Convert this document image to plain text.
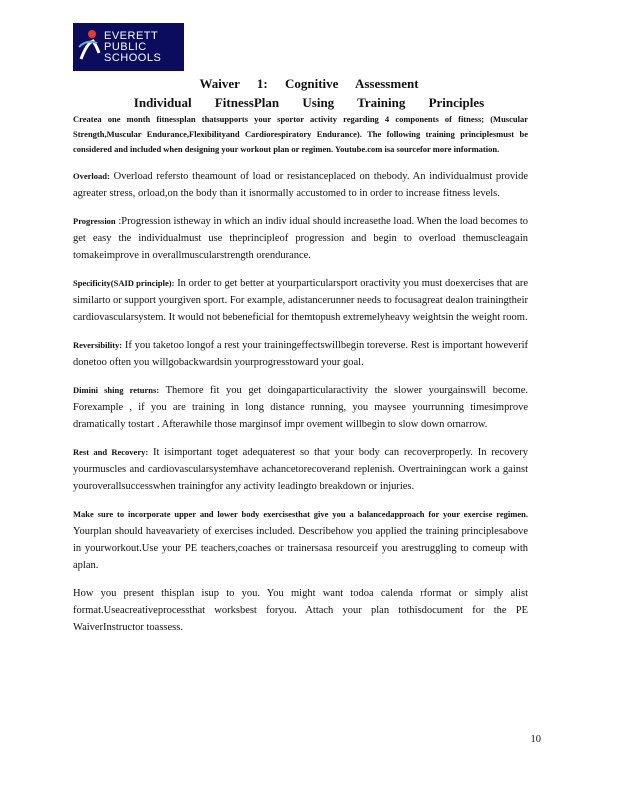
EVERETT
PUBLIC
SCHOOLS
Waiver 1: Cognitive Assessment
Individual FitnessPlan Using Training Principles
Createa one month fitnessplan thatsupports your sportor activity regarding 4 components of fitness; (Muscular Strength,Muscular Endurance,Flexibilityand Cardiorespiratory Endurance). The following training principlesmust be considered and included when designing your workout plan or regimen. Youtube.com isa sourcefor more information.

Overload: Overload refersto theamount of load or resistanceplaced on thebody. An individualmust provide agreater stress, orload,on the body than it isnormally accustomed to in order to increase fitness levels.

Progression :Progression istheway in which an indiv idual should increasethe load. When the load becomes to get easy the individualmust use theprincipleof progression and begin to overload themuscleagain tomakeimprove in overallmuscularstrength orendurance.

Specificity(SAID principle): In order to get better at yourparticularsport oractivity you must doexercises that are similarto or support yourgiven sport. For example, adistancerunner needs to focusagreat dealon trainingtheir cardiovascularsystem. It would not bebeneficial for themtopush extremelyheavy weightsin the weight room.

Reversibility: If you taketoo longof a rest your trainingeffectswillbegin toreverse. Rest is important howeverif donetoo often you willgobackwardsin yourprogresstoward your goal.

Dimini shing returns: Themore fit you get doingaparticularactivity the slower yourgainswill become. Forexample , if you are training in long distance running, you maysee yourrunning timesimprove dramatically tostart . Afterawhile those marginsof impr ovement willbegin to slow down ornarrow.

Rest and Recovery: It isimportant toget adequaterest so that your body can recoverproperly. In recovery yourmuscles and cardiovascularsystemhave achancetorecoverand replenish. Overtrainingcan work a gainst youroverallsuccesswhen trainingfor any activity leadingto breakdown or injuries.

Make sure to incorporate upper and lower body exercisesthat give you a balancedapproach for your exercise regimen. Yourplan should haveavariety of exercises included. Describehow you applied the training principlesabove in yourworkout.Use your PE teachers,coaches or trainersasa resourceif you arestruggling to comeup with aplan.

How you present thisplan isup to you. You might want todoa calenda rformat or simply alist format.Useacreativeprocessthat worksbest foryou. Attach your plan tothisdocument for the PE WaiverInstructor toassess.

10
